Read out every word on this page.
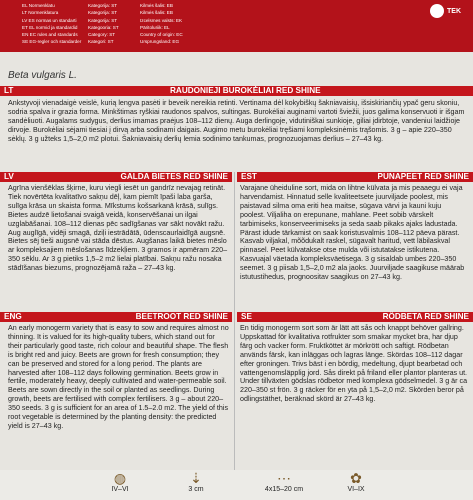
EL Normenklatu
LT Normenklatura
LV ES normas un standarti
ET EL normid ja standardid
EN EC rules and standards
SE EG-regler och standarder
Kategorija: ST
Kategorija: ST
Kategorija: ST
Kategooria: ST
Category: ST
Kategori: ST
Kilmės šalis: EB
Kilmės šalis: EB
Izcelsmes valsts: EK
Päritoluriik: EL
Country of origin: EC
Ursprungsland: EG
TEK
Beta vulgaris L.
LT	RAUDONIEJI BUROKĖLIAI RED SHINE
Ankstyvoji vienadaigė veislė, kurią lengva pasėti ir beveik nereikia retinti. Vertinama dėl kokybiškų šakniavaisių, išsiskiriančių ypač geru skoniu, sodria spalva ir grazia forma. Minkštimas ryškiai raudonos spalvos, sultingas. Burokėliai auginami vartoti šviežii, juos galima konservuoti ir išgam sandėliuoti. Augalams sudygus, derlius imamas praėjus 108–112 dienų. Auga derlingoje, vidutiniškai sunkioje, giliai įdirbtoje, vandeniui laidžioje dirvoje. Burokėliai sėjami tiesiai į dirvą arba sodinami daigais. Augimo metu burokėliai tręšiami kompleksinėmis trąšomis. 3 g – apie 220–350 sėklų. 3 g užteks 1,5–2,0 m2 plotui. Šakniavaisių derlių lemia sodinimo tankumas, prognozuojamas derlius – 27–43 kg.
LV	GALDA BIETES RED SHINE EST	PUNAPEET RED SHINE
Agrīna vienšēklas šķirne, kuru viegli iesēt un gandrīz nevajag retināt. Tiek novērtēta kvalitatīvo sakņu dēļ, kam piemīt īpaši laba garša, sulīga krāsa un skaista forma. Mīkstums košsarkanā krāsā, sulīgs. Bietes audzē lietošanai svaigā veidā, konservēšanai un ilgai uzglabāšanai. 108–112 dienas pēc sadīgšanas var sākt novākt ražu. Aug auglīgā, vidēji smagā, dziļi iestrādātā, ūdenscaurlaidīgā augsnē. Bietes sēj tieši augsnē vai stāda dēstus. Augšanas laikā bietes mēslo ar kompleksajiem mēslošanas līdzekļiem. 3 gramos ir apmēram 220–350 sēklu. Ar 3 g pietiks 1,5–2 m2 lielai platībai. Sakņu ražu nosaka stādīšanas biezums, prognozējamā raža – 27–43 kg.
Varajane üheiduline sort, mida on lihtne külvata ja mis peaaegu ei vaja harvendamist. Hinnatud selle kvaliteetsete juurviljade poolest, mis paistavad silma oma eriti hea maitse, sügava värvi ja kauni kuju poolest. Viljaliha on erepunane, mahlane. Peet sobib värskelt tarbimiseks, konserveerimiseks ja seda saab pikaks ajaks ladustada. Pärast idude tärkamist on saak koristusvalmis 108–112 päeva pärast. Kasvab viljakal, mõõdukalt raskel, sügavalt haritud, vett läbilaskval pinnasel. Peet külvatakse otse mulda või istutatakse istikutena. Kasvuajal väetada kompleksväetisega. 3 g sisaldab umbes 220–350 seemet. 3 g piisab 1,5–2,0 m2 ala jaoks. Juurviljade saagikuse määrab istutustihedus, prognoositav saagikus on 27–43 kg.
ENG	BEETROOT RED SHINE SE	RÖDBETA RED SHINE
An early monogerm variety that is easy to sow and requires almost no thinning. It is valued for its high-quality tubers, which stand out for their particularly good taste, rich colour and beautiful shape. The flesh is bright red and juicy. Beets are grown for fresh consumption; they can be preserved and stored for a long period. The plants are harvested after 108–112 days following germination. Beets grow in fertile, moderately heavy, deeply cultivated and water-permeable soil. Beets are sown directly in the soil or planted as seedlings. During growth, beets are fertilised with complex fertilisers. 3 g – about 220–350 seeds. 3 g is sufficient for an area of 1.5–2.0 m2. The yield of this root vegetable is determined by the planting density: the predicted yield is 27–43 kg.
En tidig monogerm sort som är lätt att sås och knappt behöver gallring. Uppskattad för kvalitativa rotfrukter som smakar mycket bra, har djup färg och vacker form. Fruktköttet är mörkrött och saftigt. Rödbetan används färsk, kan inläggas och lagras länge. Skördas 108–112 dagar efter groningen. Trivs bäst i en bördig, medeltung, djupt bearbetad och vattengenomsläpplig jord. Sås direkt på friland eller plantor planteras ut. Under tillväxten gödslas rödbetor med komplexa gödselmedel. 3 g är ca 220–350 st frön. 3 g räcker för en yta på 1,5–2,0 m2. Skörden beror på odlingstäthet, beräknad skörd är 27–43 kg.
◍
IV–VI
⇣
3 cm
⋯
4x15–20 cm
✿
VI–IX
